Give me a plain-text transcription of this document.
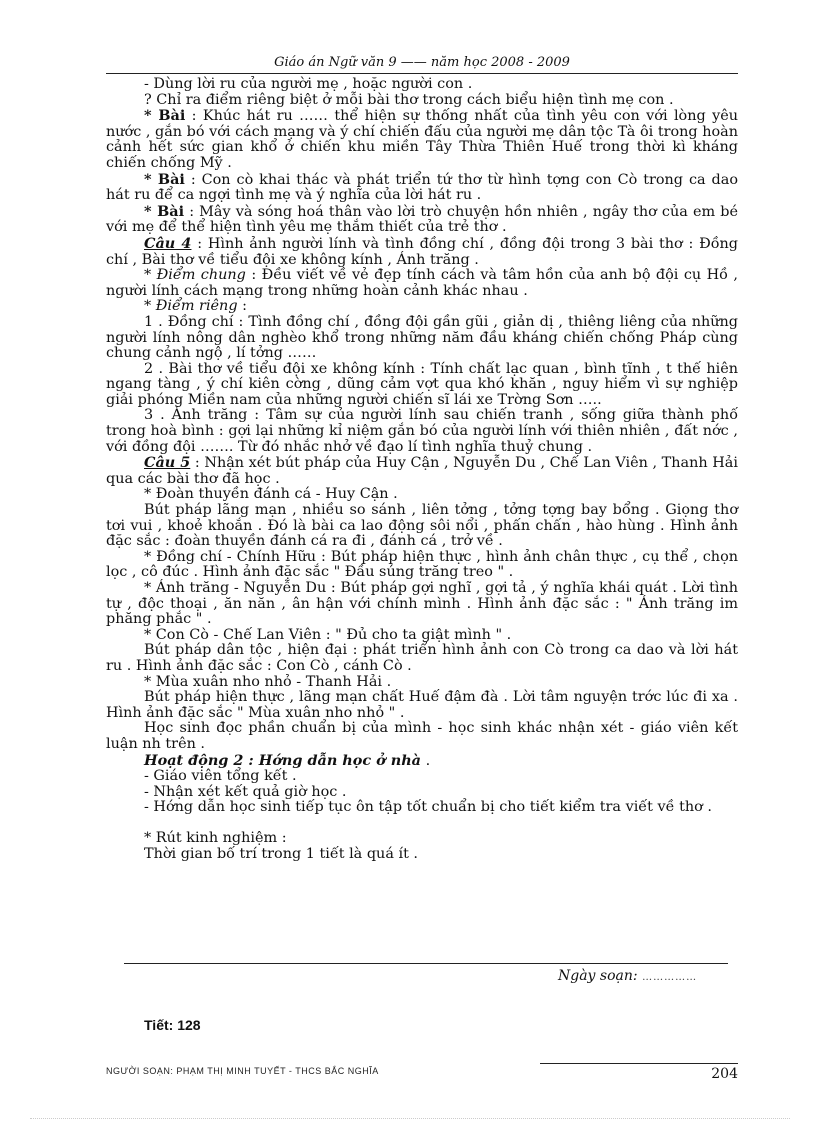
Giáo án Ngữ văn 9 —— năm học 2008 - 2009

- Dùng lời ru của người mẹ , hoặc người con .

? Chỉ ra điểm riêng biệt ở mỗi bài thơ trong cách biểu hiện tình mẹ con .

* Bài : Khúc hát ru …… thể hiện sự thống nhất của tình yêu con với lòng yêu nước , gắn bó với cách mạng và ý chí chiến đấu của người mẹ dân tộc Tà ôi trong hoàn cảnh hết sức gian khổ ở chiến khu miền Tây Thừa Thiên Huế trong thời kì kháng chiến chống Mỹ .

* Bài : Con cò khai thác và phát triển tứ thơ từ hình tợng con Cò trong ca dao hát ru để ca ngợi tình mẹ và ý nghĩa của lời hát ru .

* Bài : Mây và sóng hoá thân vào lời trò chuyện hồn nhiên , ngây thơ của em bé với mẹ để thể hiện tình yêu mẹ thắm thiết của trẻ thơ .

Câu 4 : Hình ảnh người lính và tình đồng chí , đồng đội trong 3 bài thơ : Đồng chí , Bài thơ về tiểu đội xe không kính , Ánh trăng .

* Điểm chung : Đều viết về vẻ đẹp tính cách và tâm hồn của anh bộ đội cụ Hồ , người lính cách mạng trong những hoàn cảnh khác nhau .

* Điểm riêng :

1 . Đồng chí : Tình đồng chí , đồng đội gần gũi , giản dị , thiêng liêng của những người lính nông dân nghèo khổ trong những năm đầu kháng chiến chống Pháp cùng chung cảnh ngộ , lí tởng ……

2 . Bài thơ về tiểu đội xe không kính : Tính chất lạc quan , bình tĩnh , t thế hiên ngang tàng , ý chí kiên cờng , dũng cảm vợt qua khó khăn , nguy hiểm vì sự nghiệp giải phóng Miền nam của những người chiến sĩ lái xe Trờng Sơn …..

3 . Ánh trăng : Tâm sự của người lính sau chiến tranh , sống giữa thành phố trong hoà bình : gợi lại những kỉ niệm gắn bó của người lính với thiên nhiên , đất nớc , với đồng đội ……. Từ đó nhắc nhở về đạo lí tình nghĩa thuỷ chung .

Câu 5 : Nhận xét bút pháp của Huy Cận , Nguyễn Du , Chế Lan Viên , Thanh Hải qua các bài thơ đã học .

* Đoàn thuyền đánh cá - Huy Cận .

Bút pháp lãng mạn , nhiều so sánh , liên tởng , tởng tợng bay bổng . Giọng thơ tơi vui , khoẻ khoắn . Đó là bài ca lao động sôi nổi , phấn chấn , hào hùng . Hình ảnh đặc sắc : đoàn thuyền đánh cá ra đi , đánh cá , trở về .

* Đồng chí - Chính Hữu : Bút pháp hiện thực , hình ảnh chân thực , cụ thể , chọn lọc , cô đúc . Hình ảnh đặc sắc " Đầu súng trăng treo " .

* Ánh trăng - Nguyễn Du : Bút pháp gợi nghĩ , gợi tả , ý nghĩa khái quát . Lời tình tự , độc thoại , ăn năn , ân hận với chính mình . Hình ảnh đặc sắc : " Ánh trăng im phăng phắc " .

* Con Cò - Chế Lan Viên : " Đủ cho ta giật mình " .

Bút pháp dân tộc , hiện đại : phát triển hình ảnh con Cò trong ca dao và lời hát ru . Hình ảnh đặc sắc : Con Cò , cánh Cò .

* Mùa xuân nho nhỏ - Thanh Hải .

Bút pháp hiện thực , lãng mạn chất Huế đậm đà . Lời tâm nguyện trớc lúc đi xa . Hình ảnh đặc sắc " Mùa xuân nho nhỏ " .

Học sinh đọc phần chuẩn bị của mình - học sinh khác nhận xét - giáo viên kết luận nh trên .

Hoạt động 2 : Hớng dẫn học ở nhà .

- Giáo viên tổng kết .

- Nhận xét kết quả giờ học .

- Hớng dẫn học sinh tiếp tục ôn tập tốt chuẩn bị cho tiết kiểm tra viết về thơ .

* Rút kinh nghiệm :

Thời gian bố trí trong 1 tiết là quá ít .

Ngày soạn: ……………
Tiết: 128
NGƯỜI SOẠN: PHẠM THỊ MINH TUYẾT - THCS BẮC NGHĨA	204
